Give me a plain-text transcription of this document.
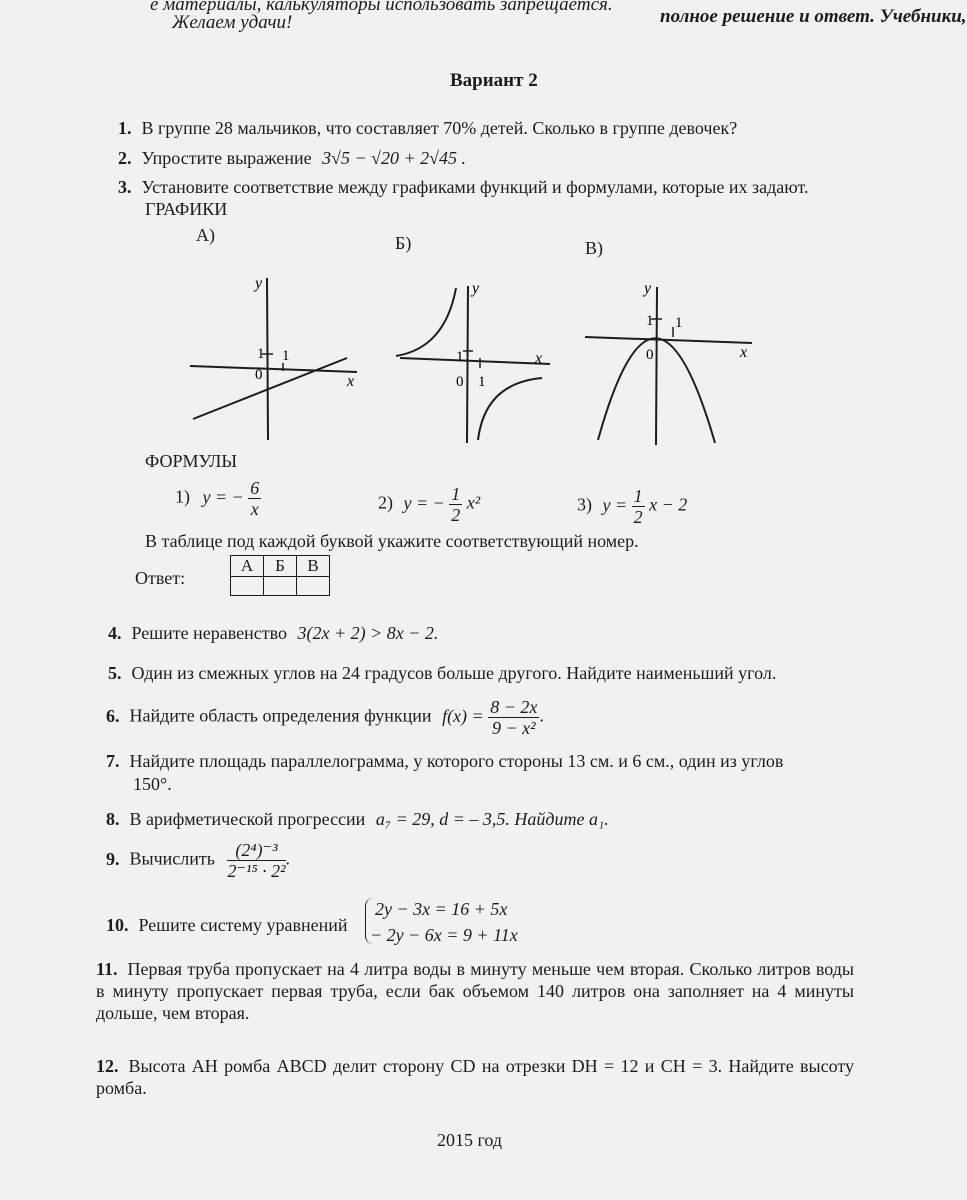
е материалы, калькуляторы использовать запрещается.
полное решение и ответ. Учебники,
Желаем удачи!
Вариант 2
1. В группе 28 мальчиков, что составляет 70% детей. Сколько в группе девочек?
2. Упростите выражение 3√5 − √20 + 2√45 .
3. Установите соответствие между графиками функций и формулами, которые их задают.
ГРАФИКИ
А)	Б)	В)
y
x
0
1 1
y
x
0
1
1
y
x
0
1 1
ФОРМУЛЫ
1) y = − $\frac{6}{x}$	2) y = − $\frac{1}{2} x^2$	3) $y = \frac{1}{2}$ x − 2
В таблице под каждой буквой укажите соответствующий номер.
Ответ:
А	Б	В

4. Решите неравенство 3(2x + 2) > 8x − 2.
5. Один из смежных углов на 24 градусов больше другого. Найдите наименьший угол.
6. Найдите область определения функции $f(x) = \frac{8 - 2x}{\text{9 − x²}}$ .
7. Найдите площадь параллелограмма, у которого стороны 13 см. и 6 см., один из углов
150°.
8. В арифметической прогрессии a₇ = 29, d = – 3,5. Найдите a₁.
9. Вычислить $\frac{\text{(2⁴)⁻³}}{\text{2⁻¹⁵ · 2²}}$ .
10. Решите систему уравнений
2y − 3x = 16 + 5x
− 2y − 6x = 9 + 11x
11. Первая труба пропускает на 4 литра воды в минуту меньше чем вторая. Сколько литров воды в минуту пропускает первая труба, если бак объемом 140 литров она заполняет на 4 минуты дольше, чем вторая.
12. Высота AH ромба ABCD делит сторону CD на отрезки DH = 12 и CH = 3. Найдите высоту ромба.
2015 год
